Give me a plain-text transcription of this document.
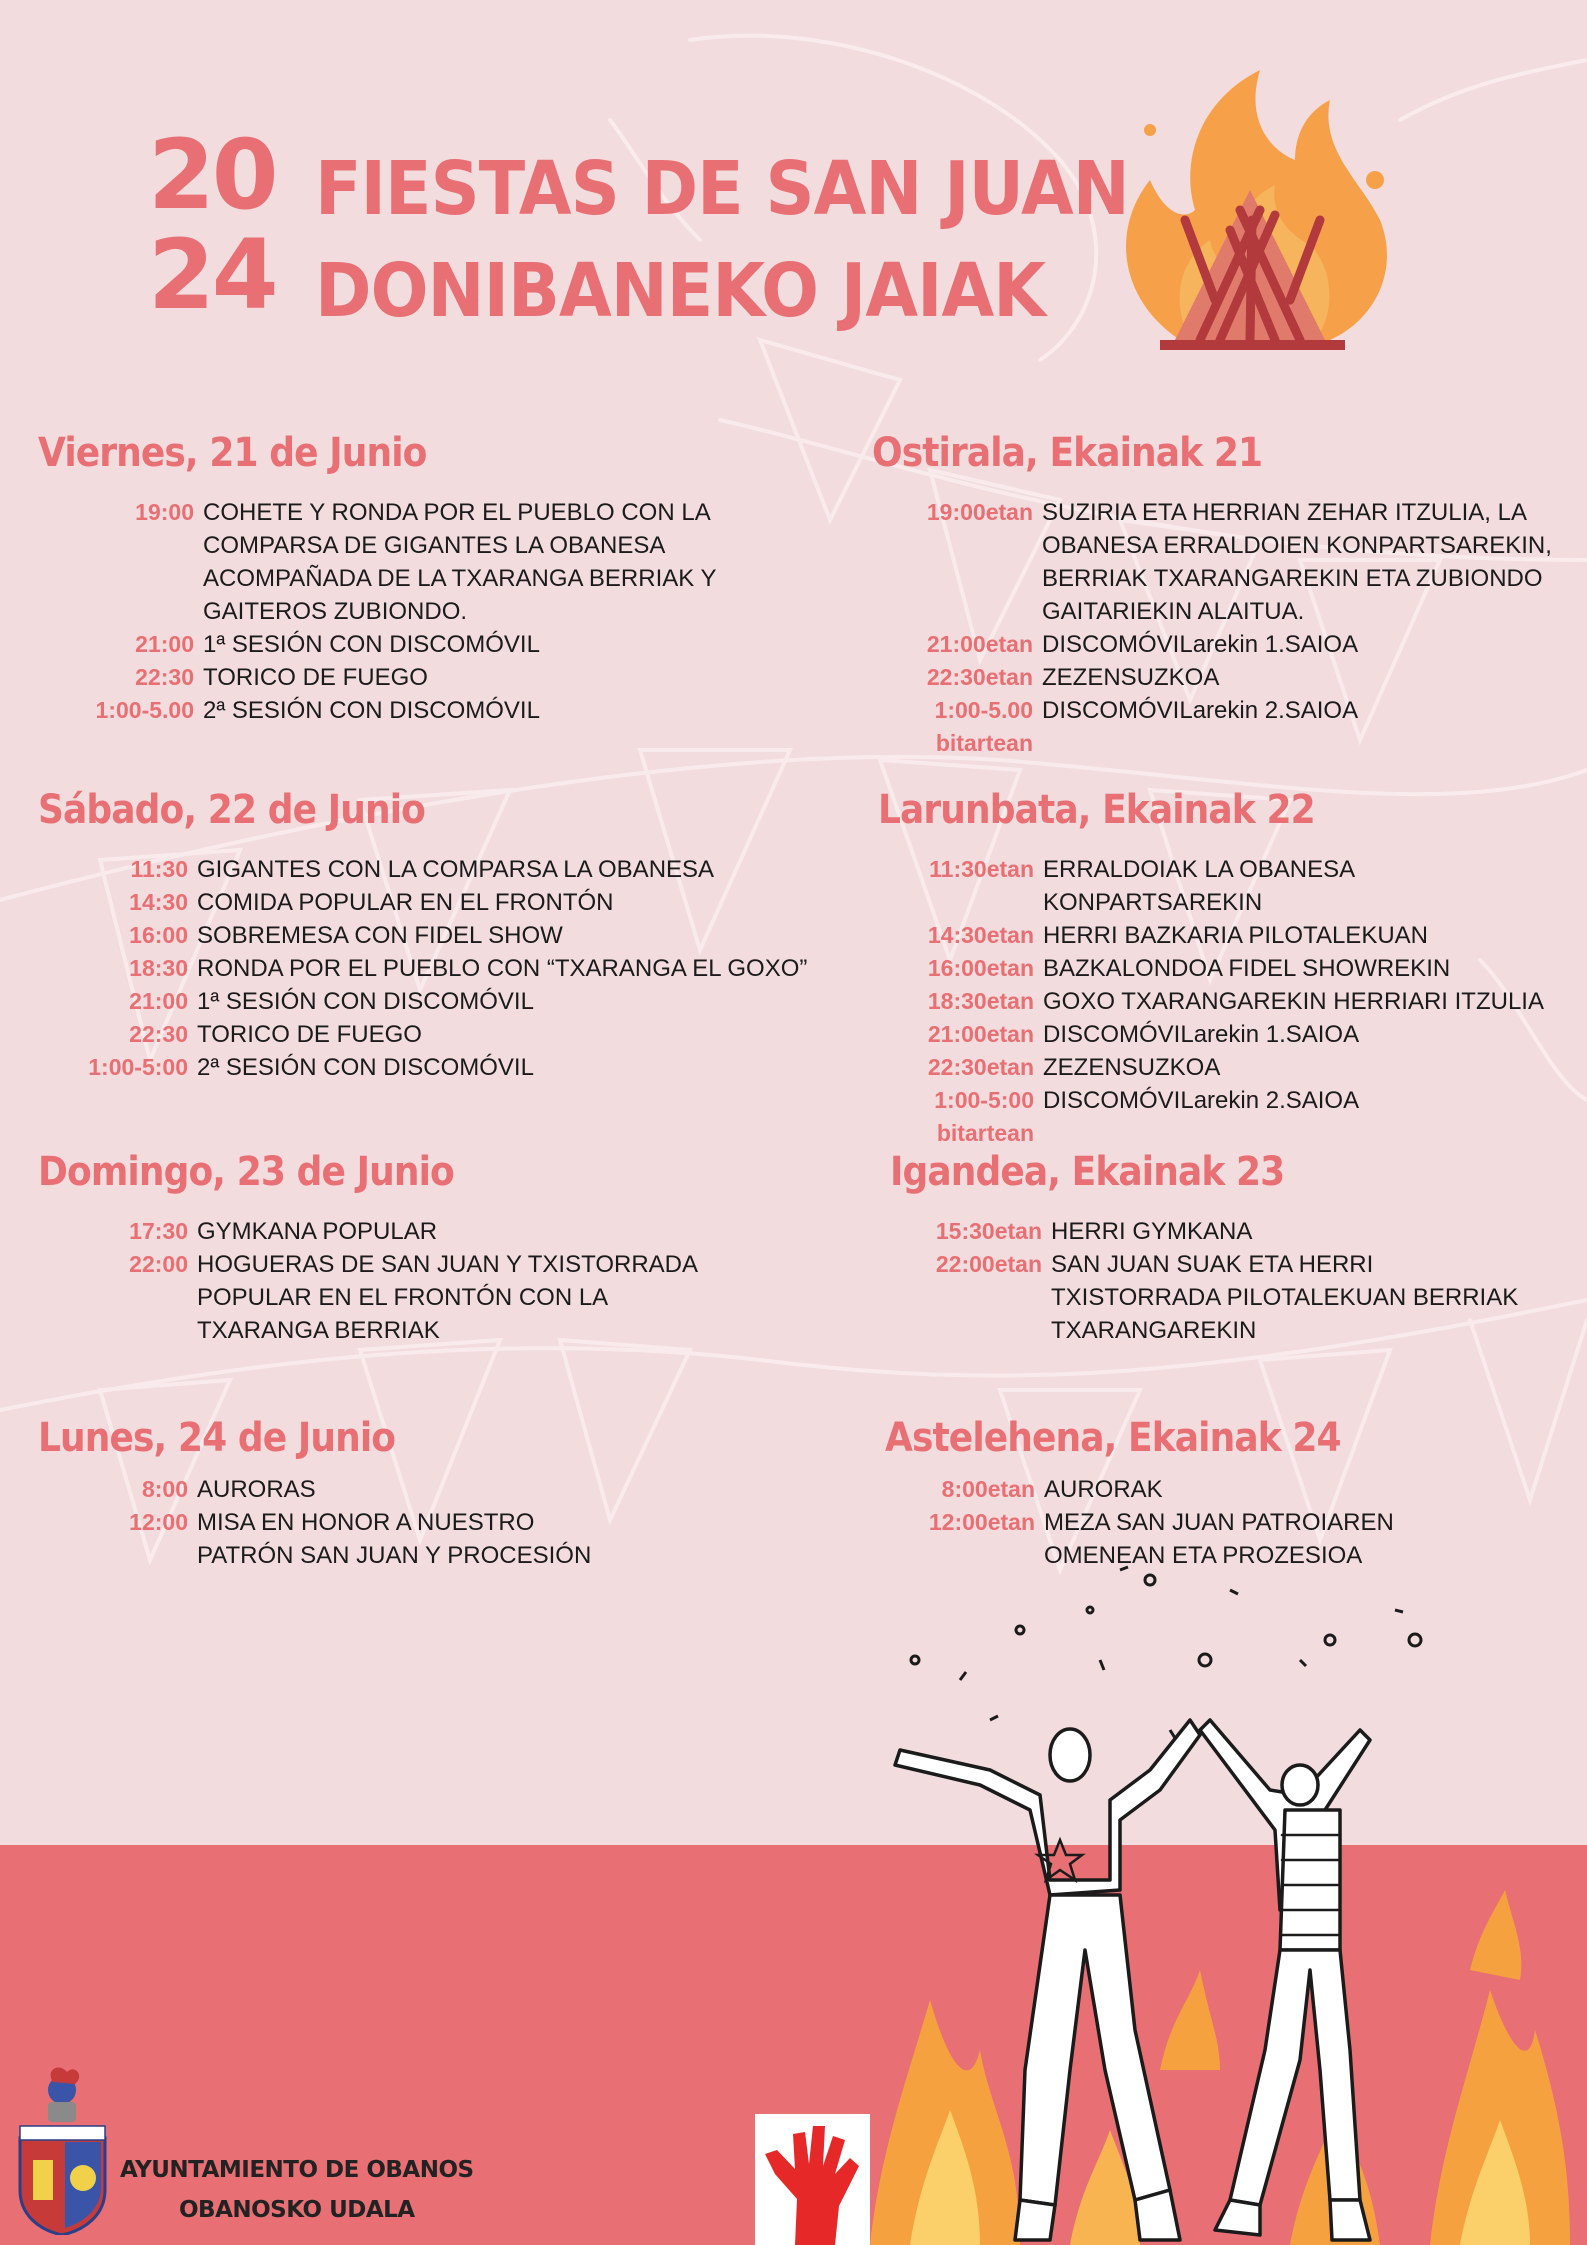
20
24
FIESTAS DE SAN JUAN
DONIBANEKO JAIAK
Viernes, 21 de Junio
19:00 COHETE Y RONDA POR EL PUEBLO CON LA COMPARSA DE GIGANTES LA OBANESA ACOMPAÑADA DE LA TXARANGA BERRIAK Y GAITEROS ZUBIONDO.
21:00 1ª SESIÓN CON DISCOMÓVIL
22:30 TORICO DE FUEGO
1:00-5.00 2ª SESIÓN CON DISCOMÓVIL
Sábado, 22 de Junio
11:30 GIGANTES CON LA COMPARSA LA OBANESA
14:30 COMIDA POPULAR EN EL FRONTÓN
16:00 SOBREMESA CON FIDEL SHOW
18:30 RONDA POR EL PUEBLO CON “TXARANGA EL GOXO”
21:00 1ª SESIÓN CON DISCOMÓVIL
22:30 TORICO DE FUEGO
1:00-5:00 2ª SESIÓN CON DISCOMÓVIL
Domingo, 23 de Junio
17:30 GYMKANA POPULAR
22:00 HOGUERAS DE SAN JUAN Y TXISTORRADA POPULAR EN EL FRONTÓN CON LA TXARANGA BERRIAK
Lunes, 24 de Junio
8:00 AURORAS
12:00 MISA EN HONOR A NUESTRO PATRÓN SAN JUAN Y PROCESIÓN
Ostirala, Ekainak 21
19:00etan SUZIRIA ETA HERRIAN ZEHAR ITZULIA, LA OBANESA ERRALDOIEN KONPARTSAREKIN, BERRIAK TXARANGAREKIN ETA ZUBIONDO GAITARIEKIN ALAITUA.
21:00etan DISCOMÓVILarekin 1.SAIOA
22:30etan ZEZENSUZKOA
1:00-5.00
bitartean
DISCOMÓVILarekin 2.SAIOA
Larunbata, Ekainak 22
11:30etan ERRALDOIAK LA OBANESA KONPARTSAREKIN
14:30etan HERRI BAZKARIA PILOTALEKUAN
16:00etan BAZKALONDOA FIDEL SHOWREKIN
18:30etan GOXO TXARANGAREKIN HERRIARI ITZULIA
21:00etan DISCOMÓVILarekin 1.SAIOA
22:30etan ZEZENSUZKOA
1:00-5:00
bitartean
DISCOMÓVILarekin 2.SAIOA
Igandea, Ekainak 23
15:30etan HERRI GYMKANA
22:00etan SAN JUAN SUAK ETA HERRI TXISTORRADA PILOTALEKUAN BERRIAK TXARANGAREKIN
Astelehena, Ekainak 24
8:00etan AURORAK
12:00etan MEZA SAN JUAN PATROIAREN OMENEAN ETA PROZESIOA
AYUNTAMIENTO DE OBANOS
OBANOSKO UDALA
